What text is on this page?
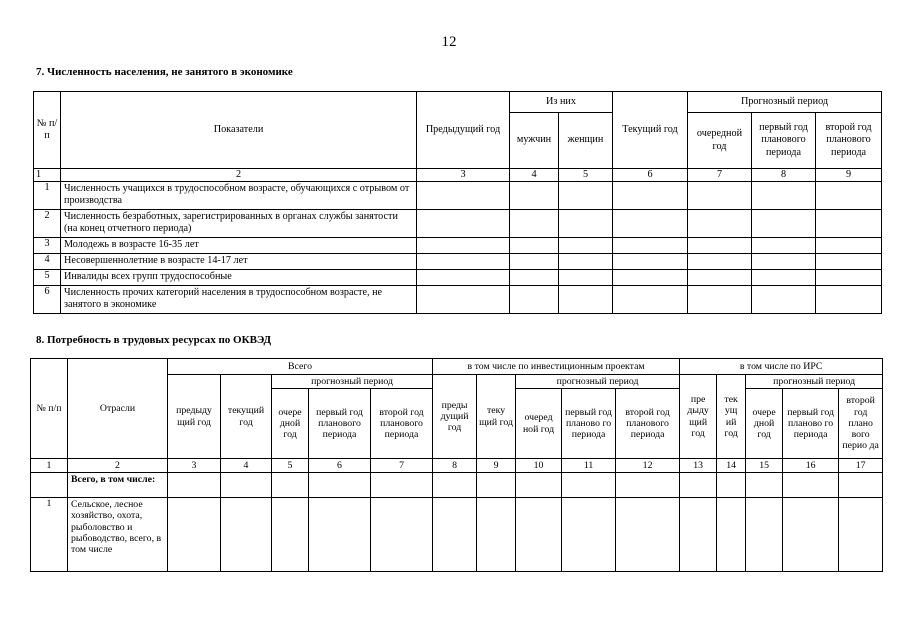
12
7. Численность населения, не занятого в экономике
№ п/п	Показатели	Предыдущий год	Из них		Текущий год	Прогнозный период		
			мужчин	женщин		очередной год	первый год планового периода	второй год планового периода
1	2	3	4	5	6	7	8	9
1	Численность учащихся в трудоспособном возрасте, обучающихся с отрывом от производства							
2	Численность безработных, зарегистрированных в органах службы занятости (на конец отчетного периода)							
3	Молодежь в возрасте 16-35 лет							
4	Несовершеннолетние в возрасте 14-17 лет							
5	Инвалиды всех групп трудоспособные							
6	Численность прочих категорий населения в трудоспособном возрасте, не занятого в экономике							
8. Потребность в трудовых ресурсах по ОКВЭД
№ п/п	Отрасли	Всего					в том числе по инвестиционным проектам					в том числе по ИРС				
		предыду щий год	текущий год	прогнозный период			преды дущий год	теку щий год	прогнозный период			пре дыду щий год	тек ущ ий год	прогнозный период		
				очере дной год	первый год планового периода	второй год планового периода			очеред ной год	первый год планово го периода	второй год планового периода			очере дной год	первый год планово го периода	второй год плано вого перио да
1	2	3	4	5	6	7	8	9	10	11	12	13	14	15	16	17
	Всего, в том числе:															
1	Сельское, лесное хозяйство, охота, рыболовство и рыбоводство, всего, в том числе															
